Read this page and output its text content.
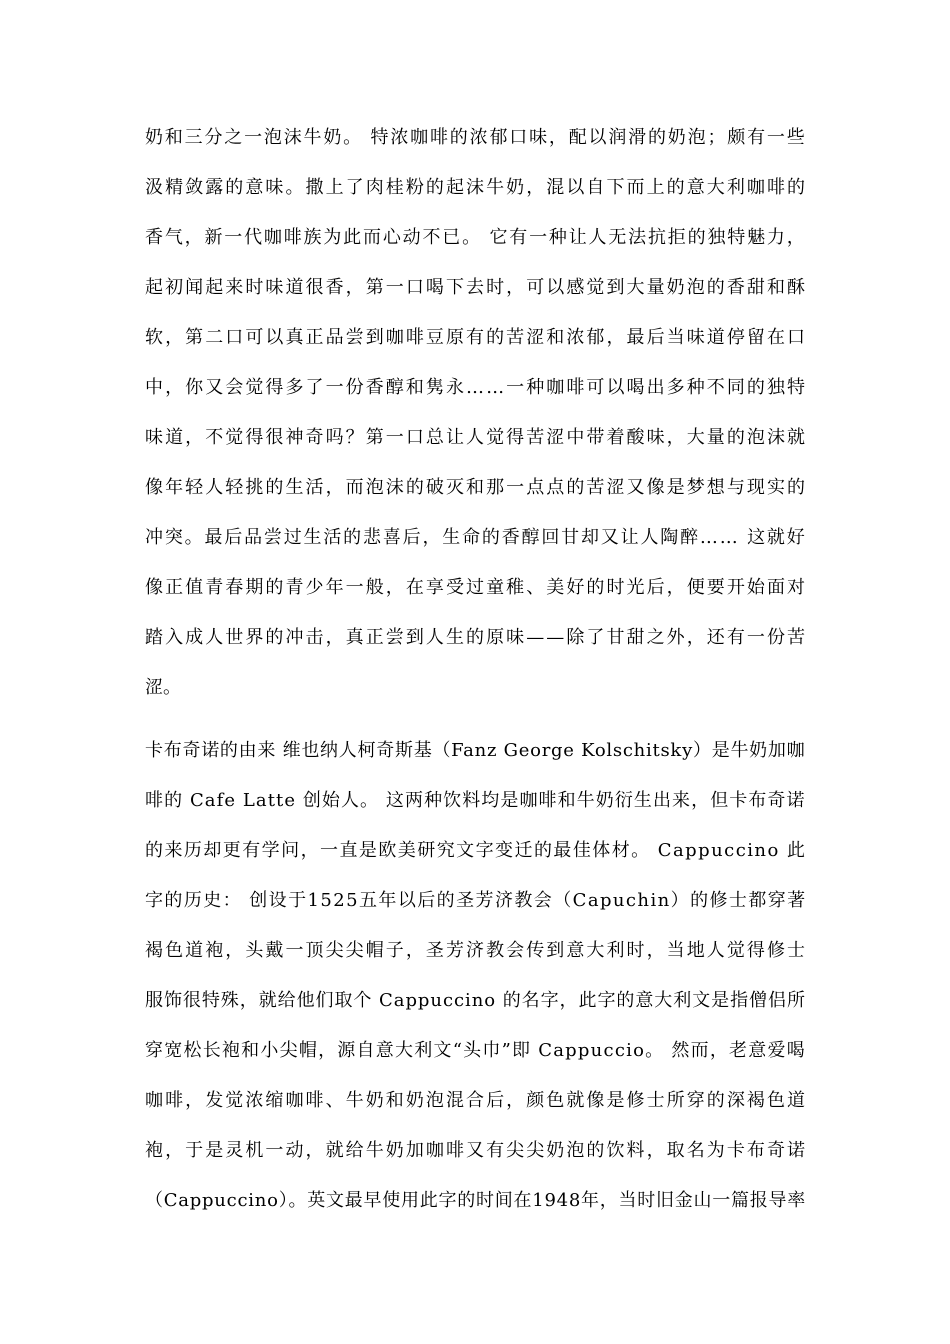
奶和三分之一泡沫牛奶。 特浓咖啡的浓郁口味，配以润滑的奶泡；颇有一些
汲精敛露的意味。撒上了肉桂粉的起沫牛奶，混以自下而上的意大利咖啡的
香气，新一代咖啡族为此而心动不已。 它有一种让人无法抗拒的独特魅力，
起初闻起来时味道很香，第一口喝下去时，可以感觉到大量奶泡的香甜和酥
软，第二口可以真正品尝到咖啡豆原有的苦涩和浓郁，最后当味道停留在口
中，你又会觉得多了一份香醇和隽永……一种咖啡可以喝出多种不同的独特
味道，不觉得很神奇吗？第一口总让人觉得苦涩中带着酸味，大量的泡沫就
像年轻人轻挑的生活，而泡沫的破灭和那一点点的苦涩又像是梦想与现实的
冲突。最后品尝过生活的悲喜后，生命的香醇回甘却又让人陶醉…… 这就好
像正值青春期的青少年一般，在享受过童稚、美好的时光后，便要开始面对
踏入成人世界的冲击，真正尝到人生的原味——除了甘甜之外，还有一份苦
涩。
卡布奇诺的由来 维也纳人柯奇斯基（Fanz George Kolschitsky）是牛奶加咖
啡的 Cafe Latte 创始人。 这两种饮料均是咖啡和牛奶衍生出来，但卡布奇诺
的来历却更有学问，一直是欧美研究文字变迁的最佳体材。 Cappuccino 此
字的历史： 创设于1525五年以后的圣芳济教会（Capuchin）的修士都穿著
褐色道袍，头戴一顶尖尖帽子，圣芳济教会传到意大利时，当地人觉得修士
服饰很特殊，就给他们取个 Cappuccino 的名字，此字的意大利文是指僧侣所
穿宽松长袍和小尖帽，源自意大利文“头巾”即 Cappuccio。 然而，老意爱喝
咖啡，发觉浓缩咖啡、牛奶和奶泡混合后，颜色就像是修士所穿的深褐色道
袍，于是灵机一动，就给牛奶加咖啡又有尖尖奶泡的饮料，取名为卡布奇诺
（Cappuccino）。英文最早使用此字的时间在1948年，当时旧金山一篇报导率
